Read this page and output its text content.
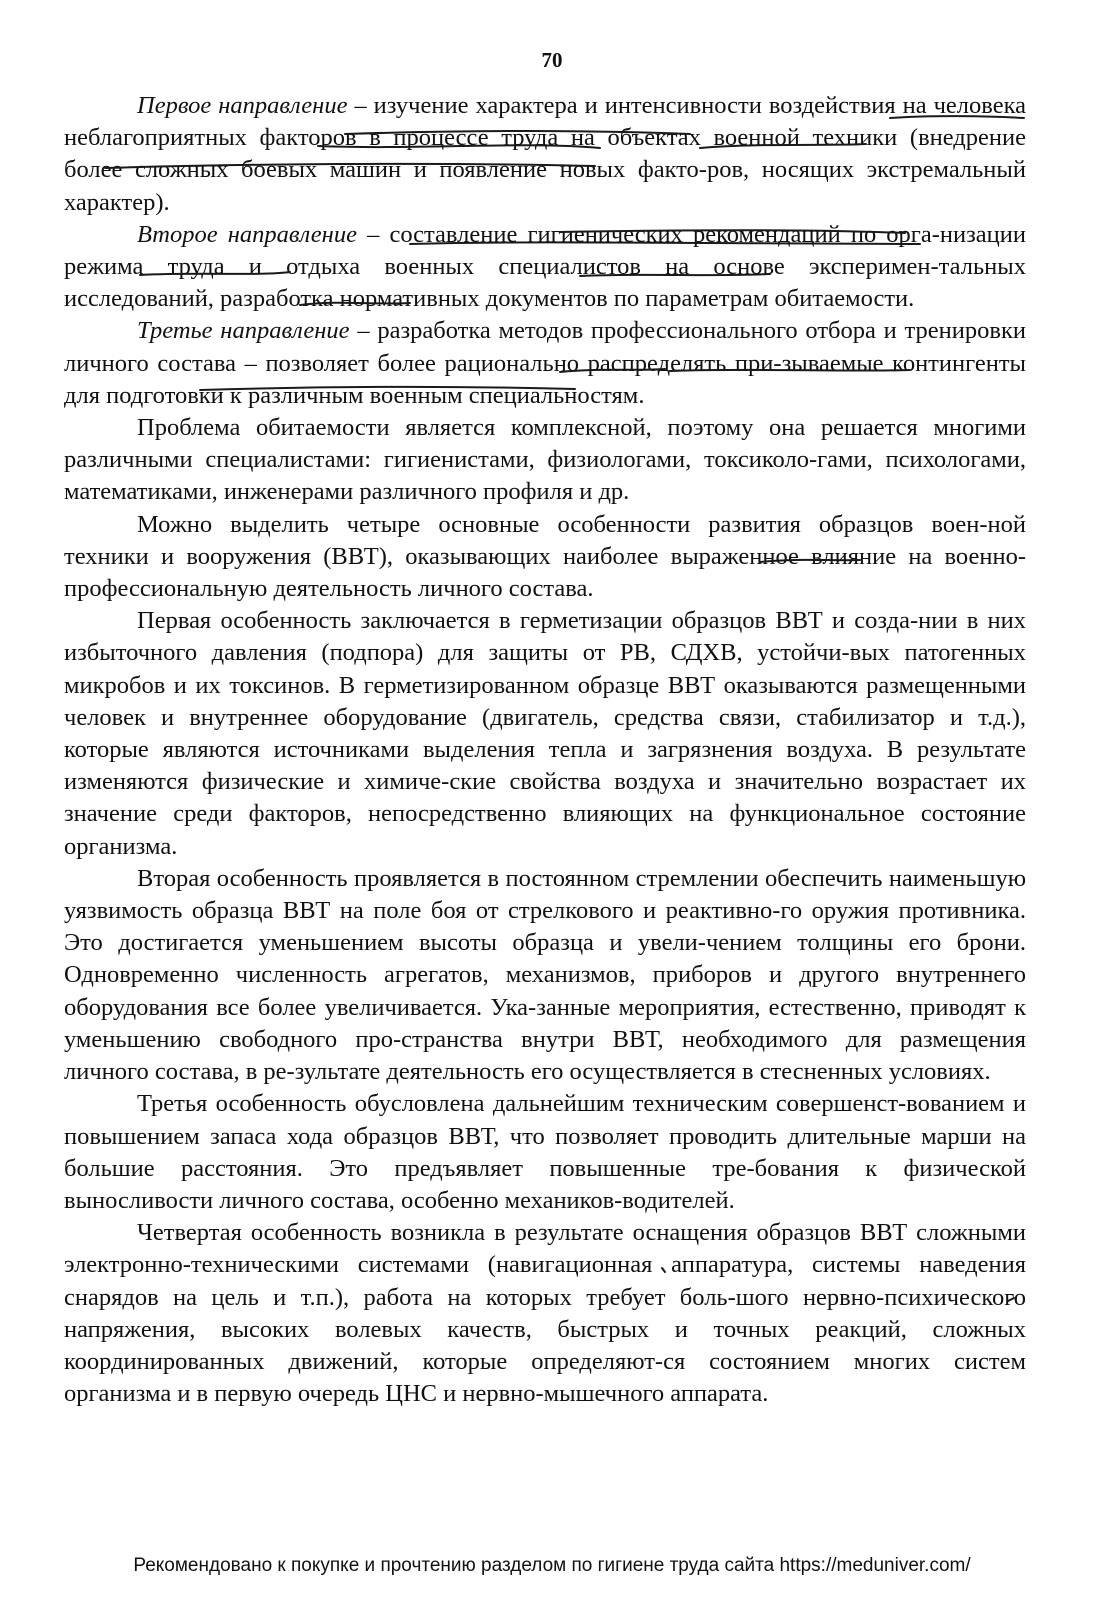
70

Первое направление – изучение характера и интенсивности воздействия на человека неблагоприятных факторов в процессе труда на объектах военной техники (внедрение более сложных боевых машин и появление новых факто-ров, носящих экстремальный характер).

Второе направление – составление гигиенических рекомендаций по орга-низации режима труда и отдыха военных специалистов на основе эксперимен-тальных исследований, разработка нормативных документов по параметрам обитаемости.

Третье направление – разработка методов профессионального отбора и тренировки личного состава – позволяет более рационально распределять при-зываемые контингенты для подготовки к различным военным специальностям.

Проблема обитаемости является комплексной, поэтому она решается многими различными специалистами: гигиенистами, физиологами, токсиколо-гами, психологами, математиками, инженерами различного профиля и др.

Можно выделить четыре основные особенности развития образцов воен-ной техники и вооружения (ВВТ), оказывающих наиболее выраженное влияние на военно-профессиональную деятельность личного состава.

Первая особенность заключается в герметизации образцов ВВТ и созда-нии в них избыточного давления (подпора) для защиты от РВ, СДХВ, устойчи-вых патогенных микробов и их токсинов. В герметизированном образце ВВТ оказываются размещенными человек и внутреннее оборудование (двигатель, средства связи, стабилизатор и т.д.), которые являются источниками выделения тепла и загрязнения воздуха. В результате изменяются физические и химиче-ские свойства воздуха и значительно возрастает их значение среди факторов, непосредственно влияющих на функциональное состояние организма.

Вторая особенность проявляется в постоянном стремлении обеспечить наименьшую уязвимость образца ВВТ на поле боя от стрелкового и реактивно-го оружия противника. Это достигается уменьшением высоты образца и увели-чением толщины его брони. Одновременно численность агрегатов, механизмов, приборов и другого внутреннего оборудования все более увеличивается. Ука-занные мероприятия, естественно, приводят к уменьшению свободного про-странства внутри ВВТ, необходимого для размещения личного состава, в ре-зультате деятельность его осуществляется в стесненных условиях.

Третья особенность обусловлена дальнейшим техническим совершенст-вованием и повышением запаса хода образцов ВВТ, что позволяет проводить длительные марши на большие расстояния. Это предъявляет повышенные тре-бования к физической выносливости личного состава, особенно механиков-водителей.

Четвертая особенность возникла в результате оснащения образцов ВВТ сложными электронно-техническими системами (навигационная аппаратура, системы наведения снарядов на цель и т.п.), работа на которых требует боль-шого нервно-психического напряжения, высоких волевых качеств, быстрых и точных реакций, сложных координированных движений, которые определяют-ся состоянием многих систем организма и в первую очередь ЦНС и нервно-мышечного аппарата.

Рекомендовано к покупке и прочтению разделом по гигиене труда сайта https://meduniver.com/
